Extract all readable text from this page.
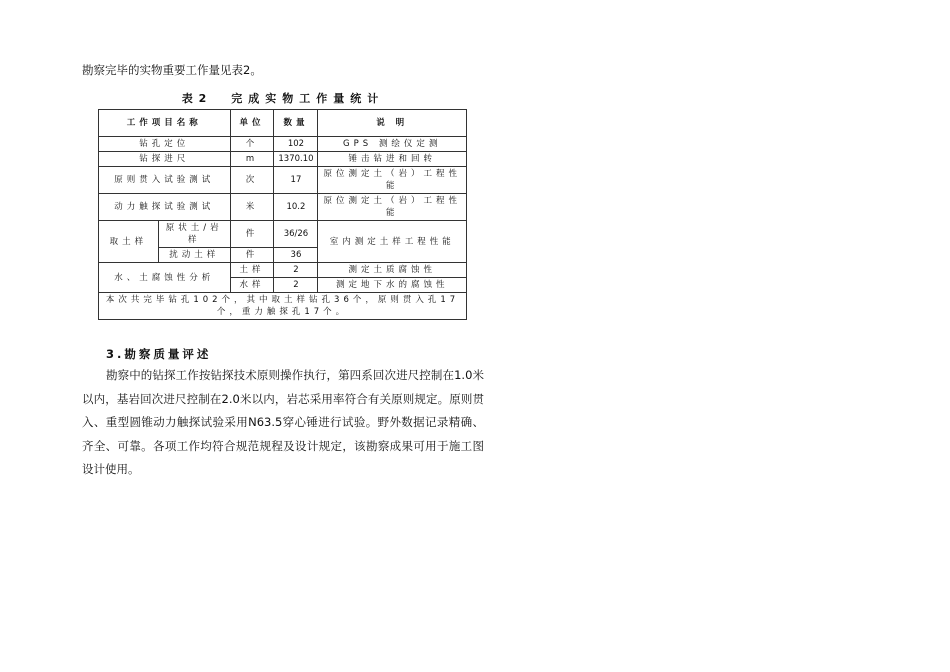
勘察完毕的实物重要工作量见表2。
表 2 完成实物工作量统计
工作项目名称		单位	数量	说 明
钻孔定位		个	102	GPS 测绘仪定测
钻探进尺		m	1370.10	锤击钻进和回转
原则贯入试验测试		次	17	原位测定土（岩）工程性能
动力触探试验测试		米	10.2	原位测定土（岩）工程性能
取土样	原状土/岩样	件	36/26	室内测定土样工程性能
	扰动土样	件	36	
水、土腐蚀性分析		土样	2	测定土质腐蚀性
		水样	2	测定地下水的腐蚀性
本次共完毕钻孔102个，其中取土样钻孔36个，原则贯入孔17个，重力触探孔17个。				
3.勘察质量评述

勘察中的钻探工作按钻探技术原则操作执行，第四系回次进尺控制在1.0米以内，基岩回次进尺控制在2.0米以内，岩芯采用率符合有关原则规定。原则贯入、重型圆锥动力触探试验采用N63.5穿心锤进行试验。野外数据记录精确、齐全、可靠。各项工作均符合规范规程及设计规定，该勘察成果可用于施工图设计使用。
